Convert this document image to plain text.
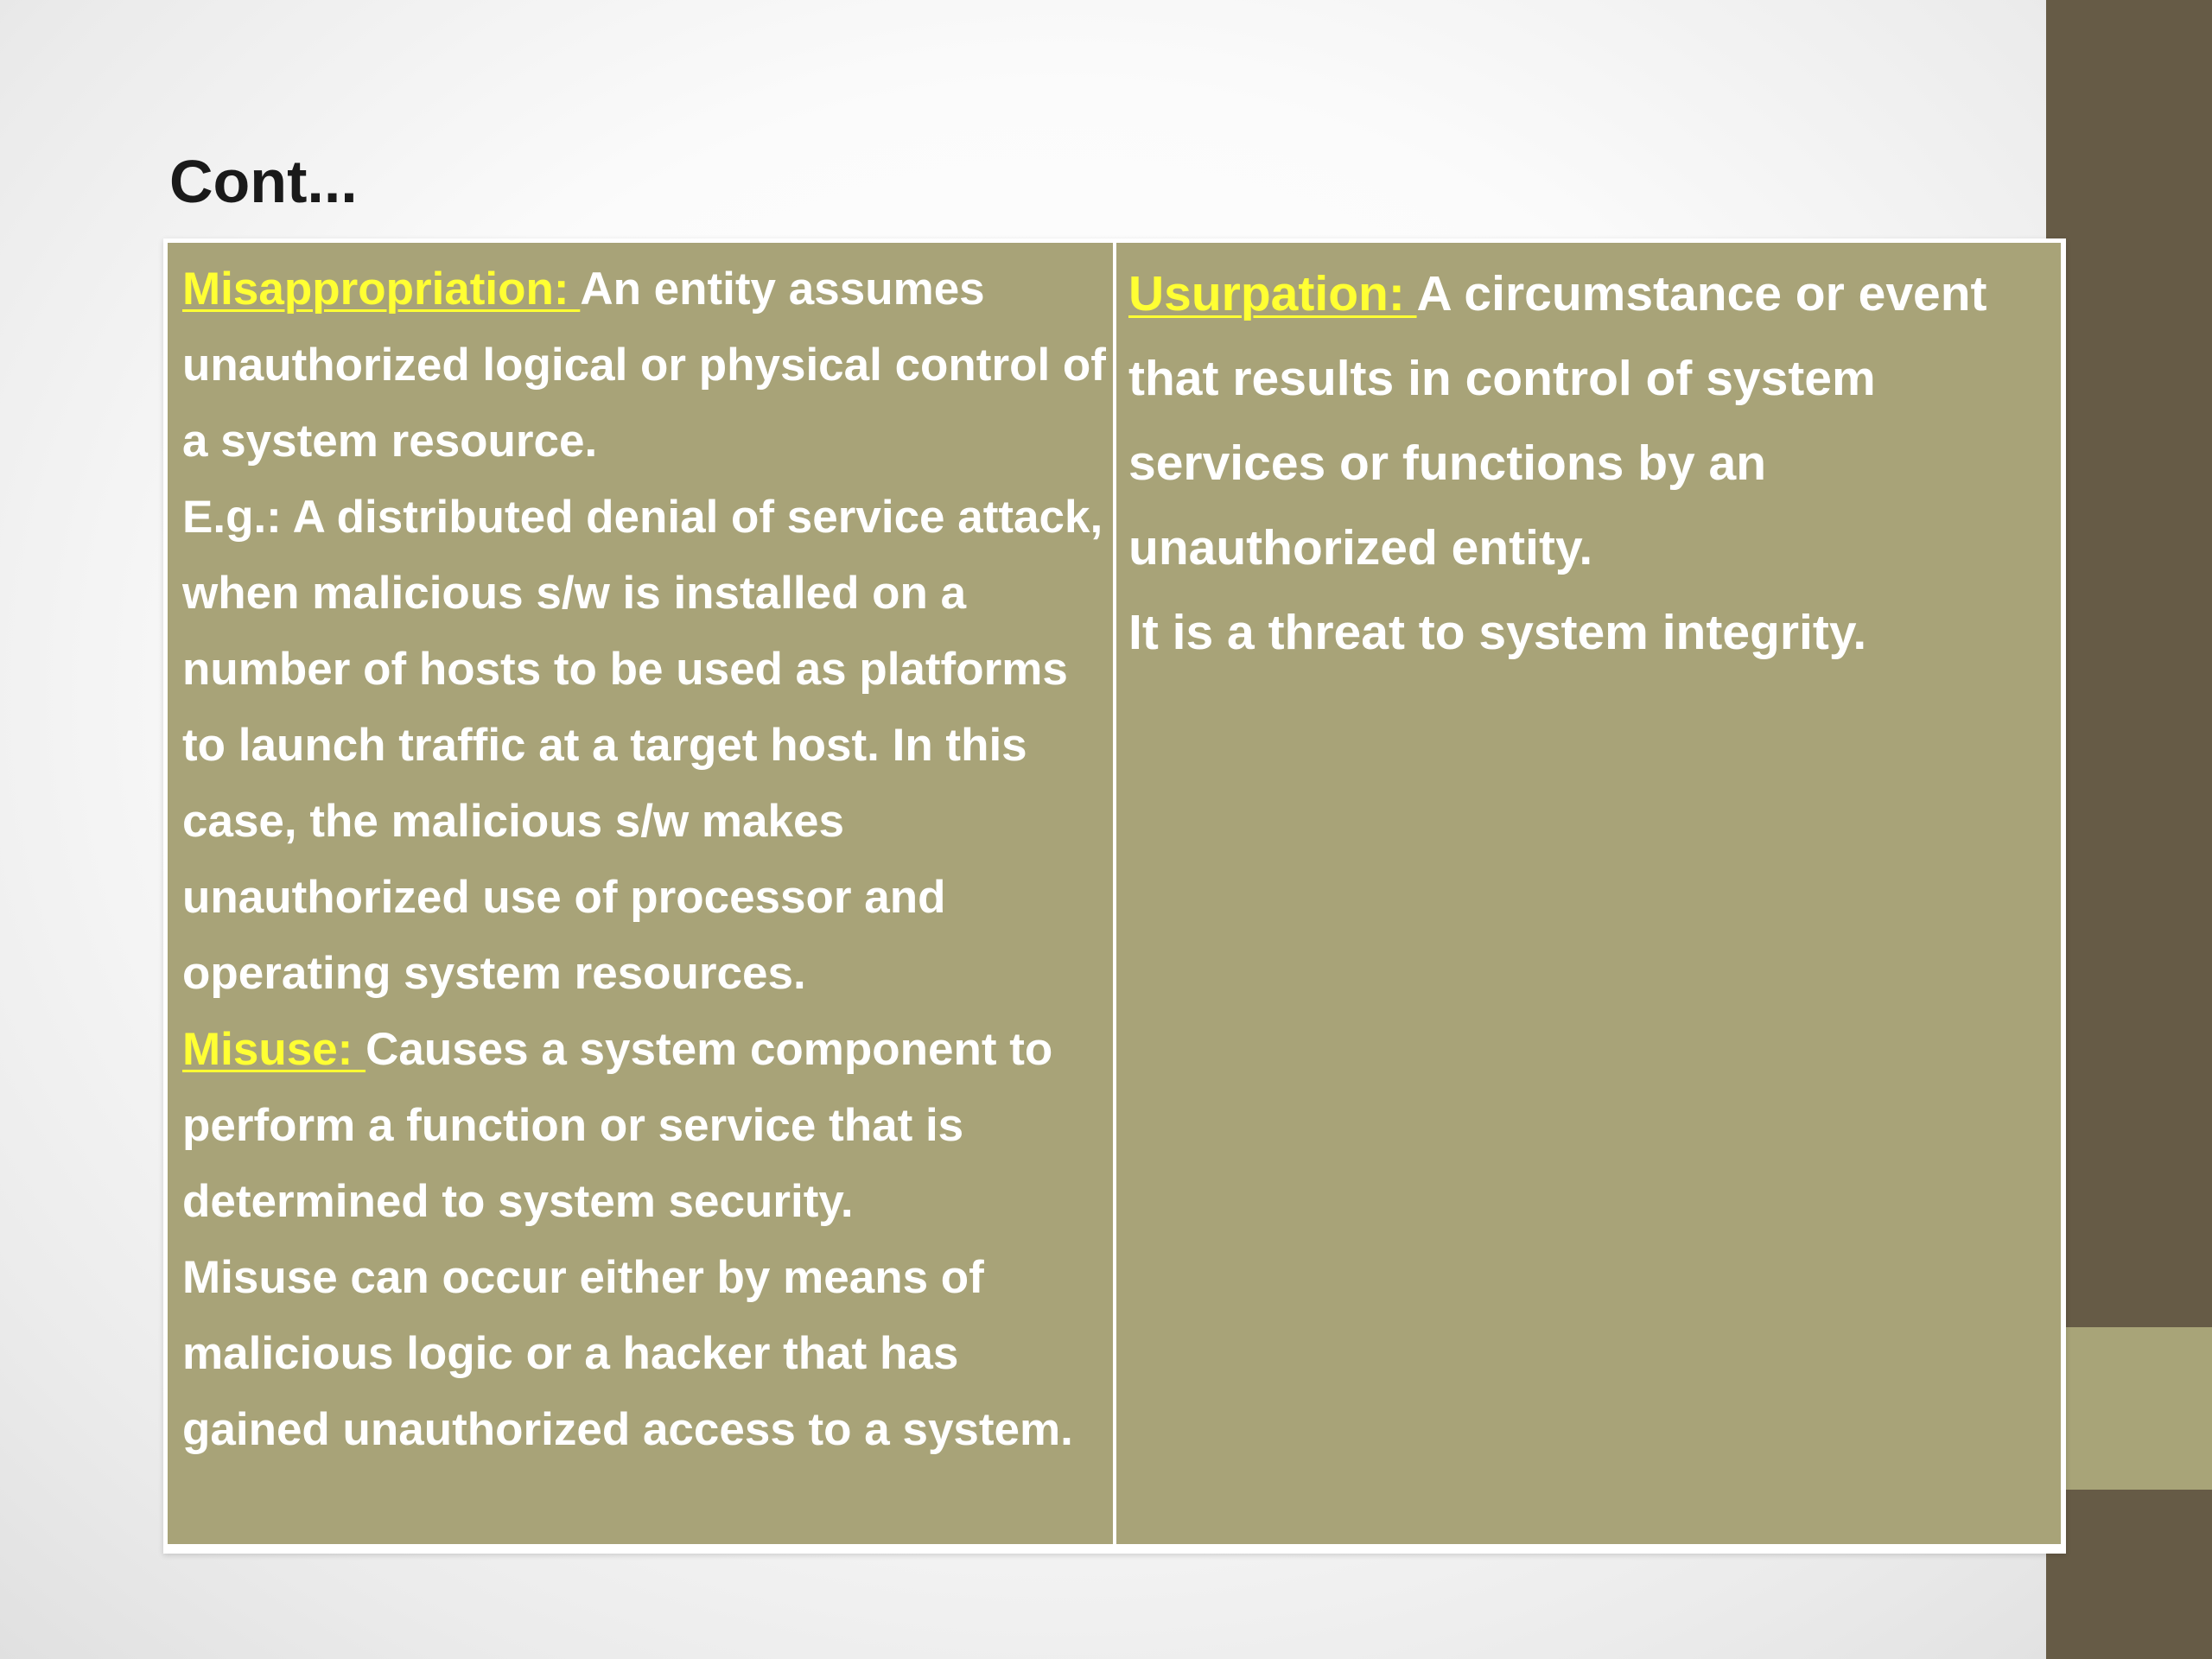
Cont...

Misappropriation: An entity assumes unauthorized logical or physical control of a system resource.

E.g.: A distributed denial of service attack, when malicious s/w is installed on a number of hosts to be used as platforms to launch traffic at a target host. In this case, the malicious s/w makes unauthorized use of processor and operating system resources.

Misuse: Causes a system component to perform a function or service that is determined to system security.

Misuse can occur either by means of malicious logic or a hacker that has gained unauthorized access to a system.

Usurpation: A circumstance or event that results in control of system services or functions by an unauthorized entity.

It is a threat to system integrity.
